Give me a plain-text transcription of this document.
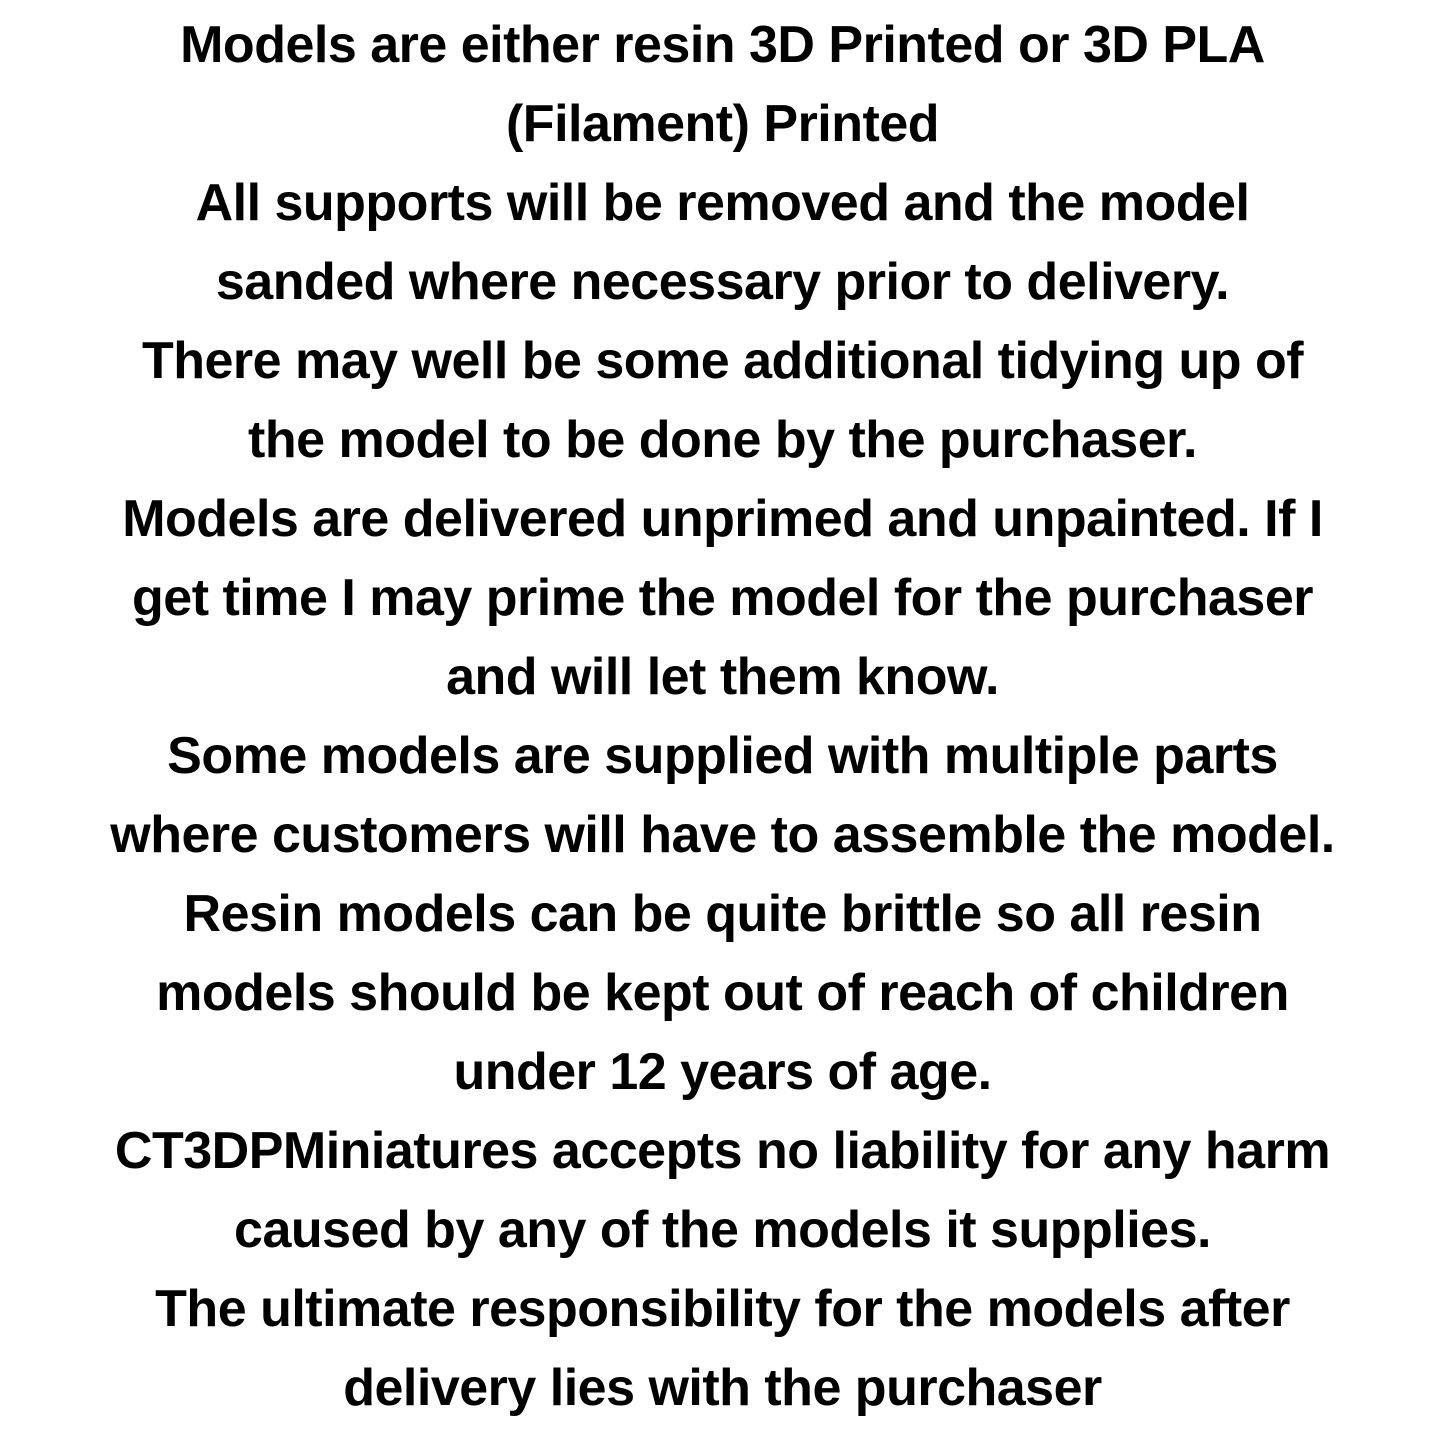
Models are either resin 3D Printed or 3D PLA
(Filament) Printed
All supports will be removed and the model
sanded where necessary prior to delivery.
There may well be some additional tidying up of
the model to be done by the purchaser.
Models are delivered unprimed and unpainted. If I
get time I may prime the model for the purchaser
and will let them know.
Some models are supplied with multiple parts
where customers will have to assemble the model.
Resin models can be quite brittle so all resin
models should be kept out of reach of children
under 12 years of age.
CT3DPMiniatures accepts no liability for any harm
caused by any of the models it supplies.
The ultimate responsibility for the models after
delivery lies with the purchaser
